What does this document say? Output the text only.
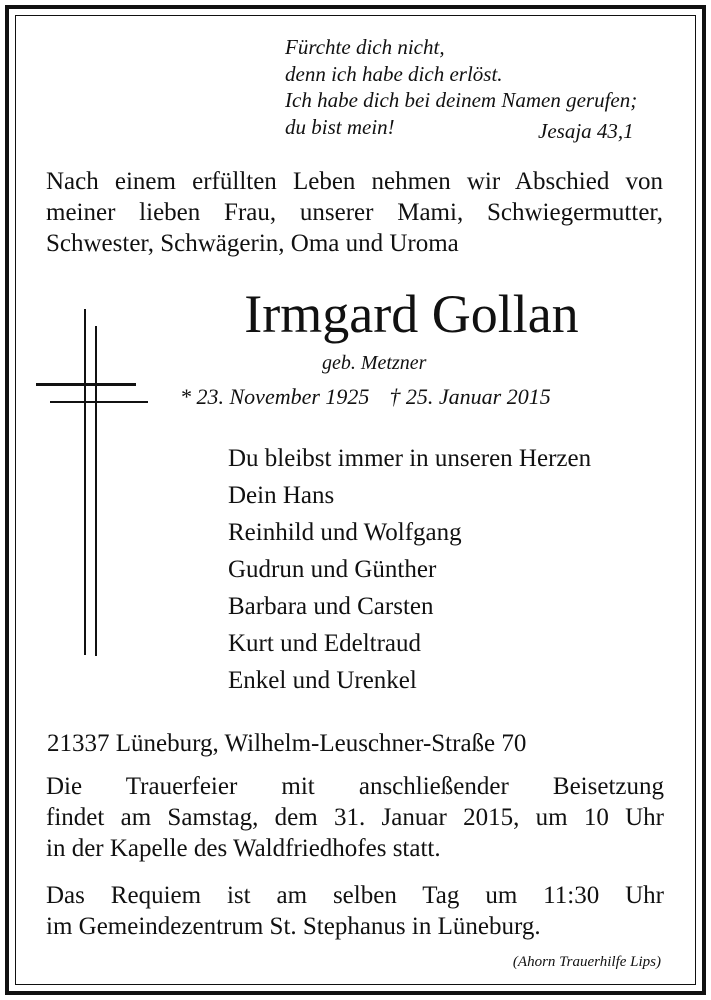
Fürchte dich nicht,
denn ich habe dich erlöst.
Ich habe dich bei deinem Namen gerufen;
du bist mein!	Jesaja 43,1
Nach einem erfüllten Leben nehmen wir Abschied von
meiner lieben Frau, unserer Mami, Schwiegermutter,
Schwester, Schwägerin, Oma und Uroma
Irmgard Gollan
geb. Metzner
* 23. November 1925 † 25. Januar 2015
Du bleibst immer in unseren Herzen
Dein Hans
Reinhild und Wolfgang
Gudrun und Günther
Barbara und Carsten
Kurt und Edeltraud
Enkel und Urenkel
21337 Lüneburg, Wilhelm-Leuschner-Straße 70
Die Trauerfeier mit anschließender Beisetzung
findet am Samstag, dem 31. Januar 2015, um 10 Uhr
in der Kapelle des Waldfriedhofes statt.
Das Requiem ist am selben Tag um 11:30 Uhr
im Gemeindezentrum St. Stephanus in Lüneburg.
(Ahorn Trauerhilfe Lips)
